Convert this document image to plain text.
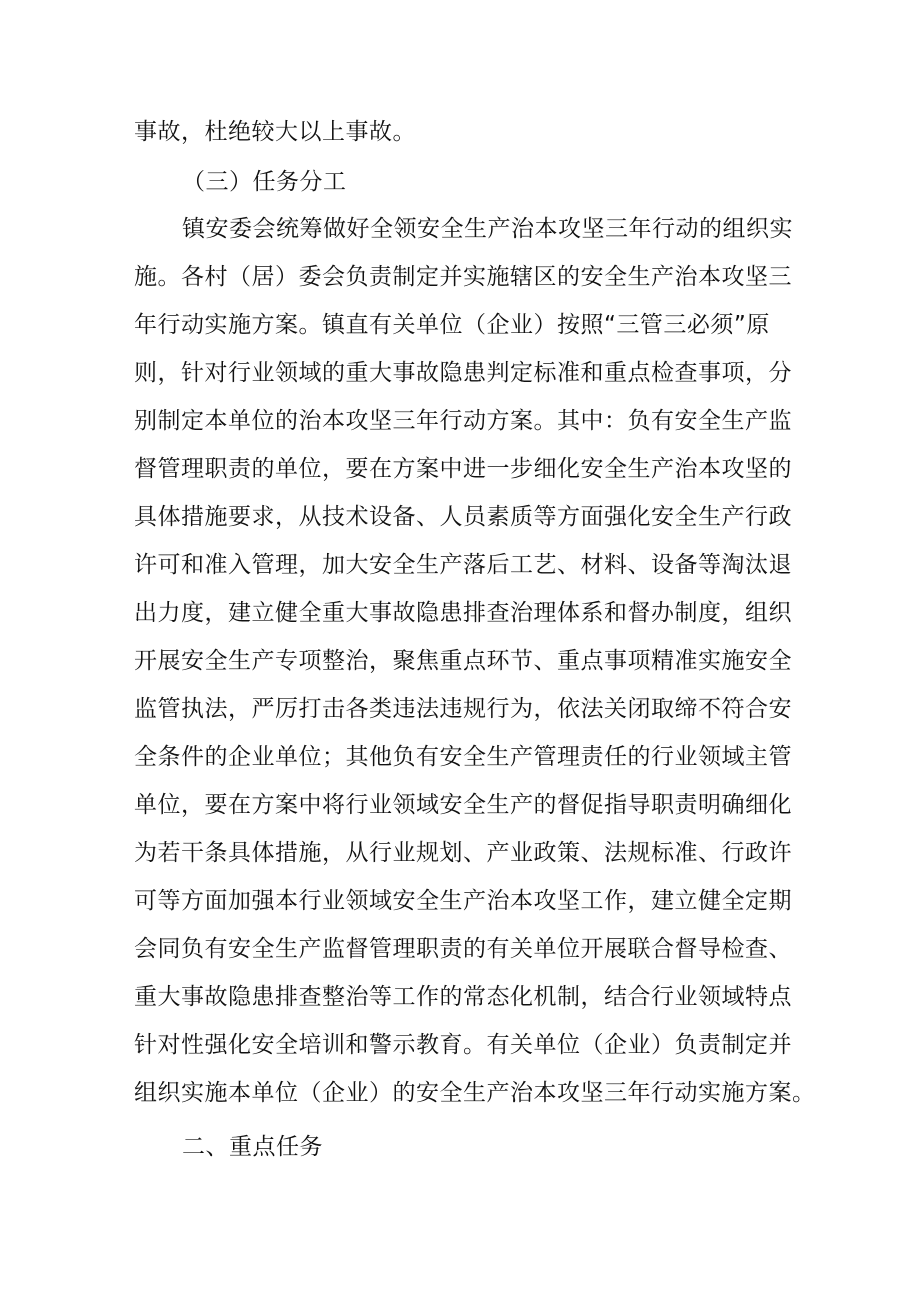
事故，杜绝较大以上事故。
（三）任务分工
镇安委会统筹做好全领安全生产治本攻坚三年行动的组织实
施。各村（居）委会负责制定并实施辖区的安全生产治本攻坚三
年行动实施方案。镇直有关单位（企业）按照“三管三必须”原
则，针对行业领域的重大事故隐患判定标准和重点检查事项，分
别制定本单位的治本攻坚三年行动方案。其中：负有安全生产监
督管理职责的单位，要在方案中进一步细化安全生产治本攻坚的
具体措施要求，从技术设备、人员素质等方面强化安全生产行政
许可和准入管理，加大安全生产落后工艺、材料、设备等淘汰退
出力度，建立健全重大事故隐患排查治理体系和督办制度，组织
开展安全生产专项整治，聚焦重点环节、重点事项精准实施安全
监管执法，严厉打击各类违法违规行为，依法关闭取缔不符合安
全条件的企业单位；其他负有安全生产管理责任的行业领域主管
单位，要在方案中将行业领域安全生产的督促指导职责明确细化
为若干条具体措施，从行业规划、产业政策、法规标准、行政许
可等方面加强本行业领域安全生产治本攻坚工作，建立健全定期
会同负有安全生产监督管理职责的有关单位开展联合督导检查、
重大事故隐患排查整治等工作的常态化机制，结合行业领域特点
针对性强化安全培训和警示教育。有关单位（企业）负责制定并
组织实施本单位（企业）的安全生产治本攻坚三年行动实施方案。
二、重点任务
